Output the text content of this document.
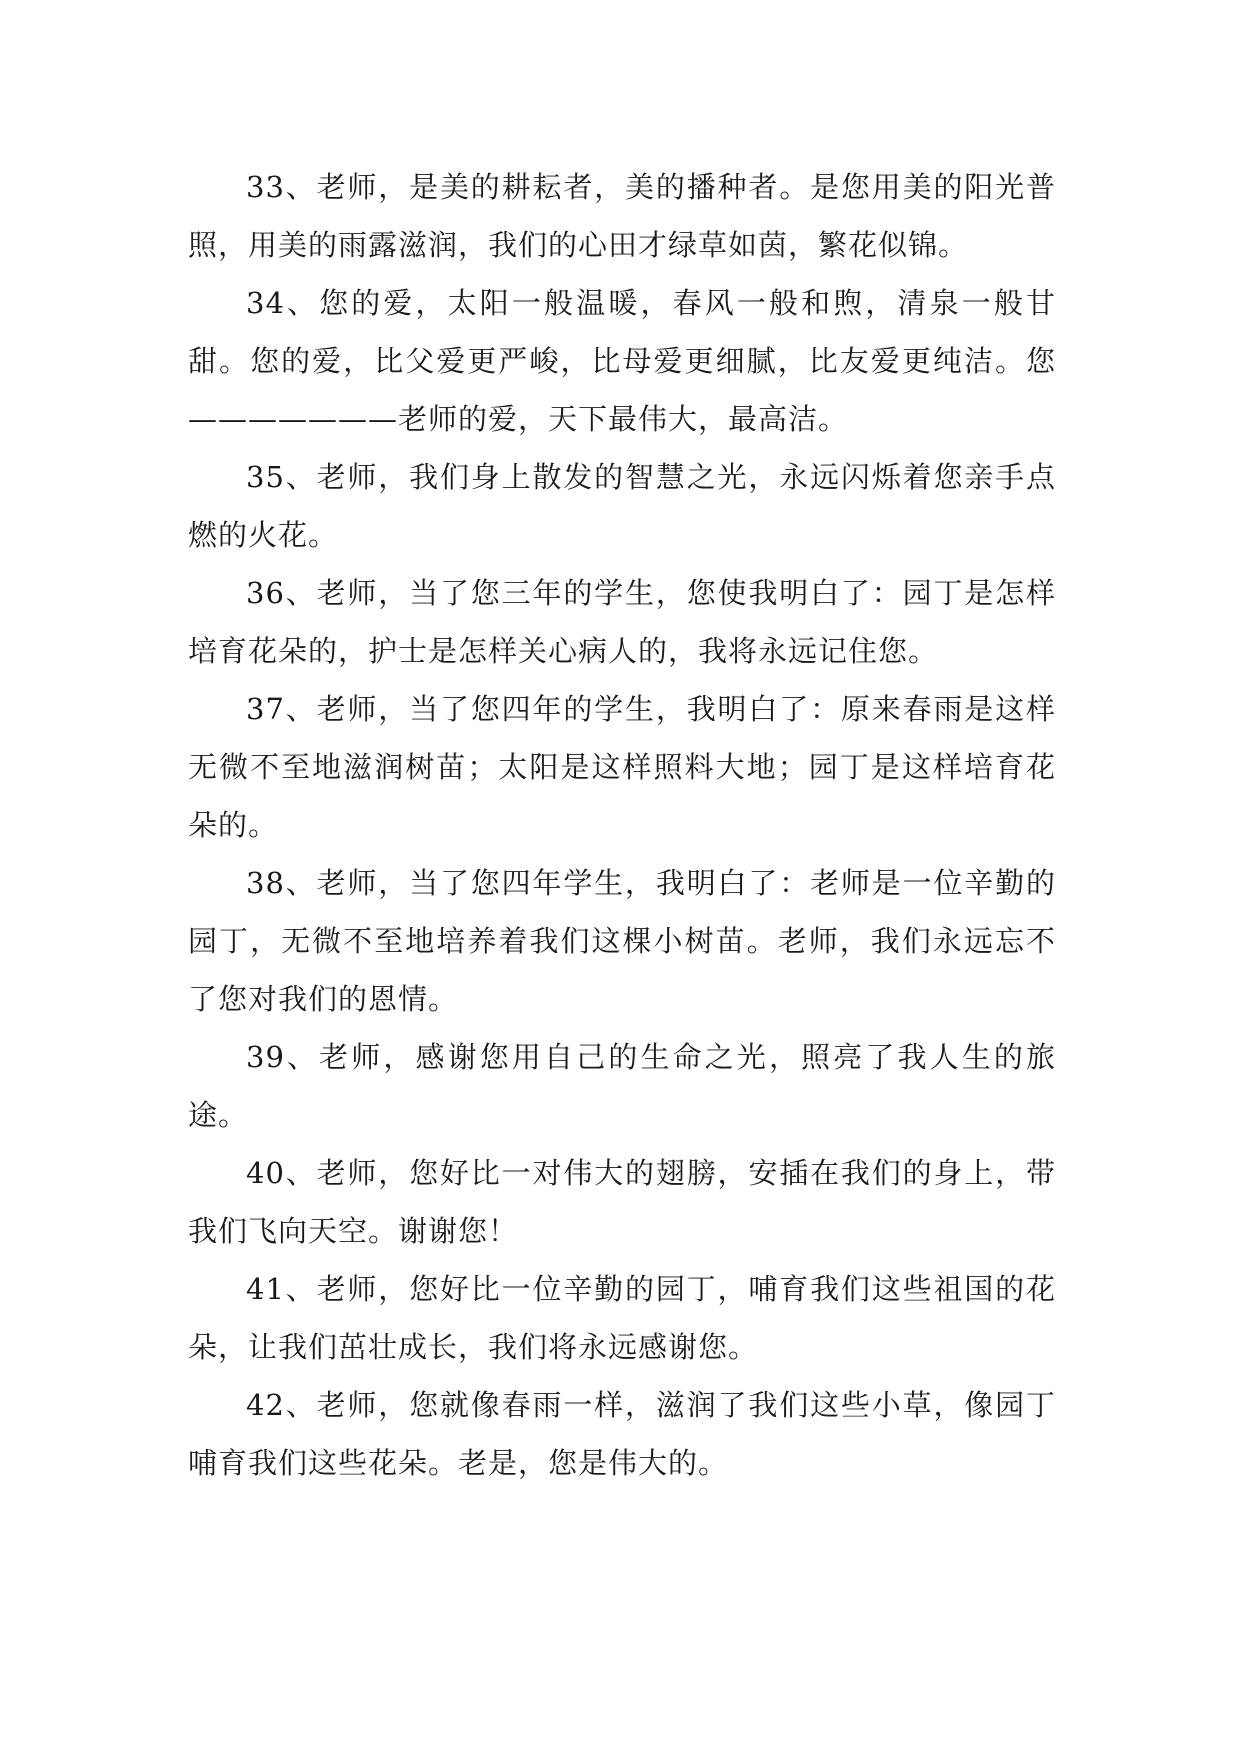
33、老师，是美的耕耘者，美的播种者。是您用美的阳光普照，用美的雨露滋润，我们的心田才绿草如茵，繁花似锦。

34、您的爱，太阳一般温暖，春风一般和煦，清泉一般甘甜。您的爱，比父爱更严峻，比母爱更细腻，比友爱更纯洁。您———————老师的爱，天下最伟大，最高洁。

35、老师，我们身上散发的智慧之光，永远闪烁着您亲手点燃的火花。

36、老师，当了您三年的学生，您使我明白了：园丁是怎样培育花朵的，护士是怎样关心病人的，我将永远记住您。

37、老师，当了您四年的学生，我明白了：原来春雨是这样无微不至地滋润树苗；太阳是这样照料大地；园丁是这样培育花朵的。

38、老师，当了您四年学生，我明白了：老师是一位辛勤的园丁，无微不至地培养着我们这棵小树苗。老师，我们永远忘不了您对我们的恩情。

39、老师，感谢您用自己的生命之光，照亮了我人生的旅途。

40、老师，您好比一对伟大的翅膀，安插在我们的身上，带我们飞向天空。谢谢您！

41、老师，您好比一位辛勤的园丁，哺育我们这些祖国的花朵，让我们茁壮成长，我们将永远感谢您。

42、老师，您就像春雨一样，滋润了我们这些小草，像园丁哺育我们这些花朵。老是，您是伟大的。
